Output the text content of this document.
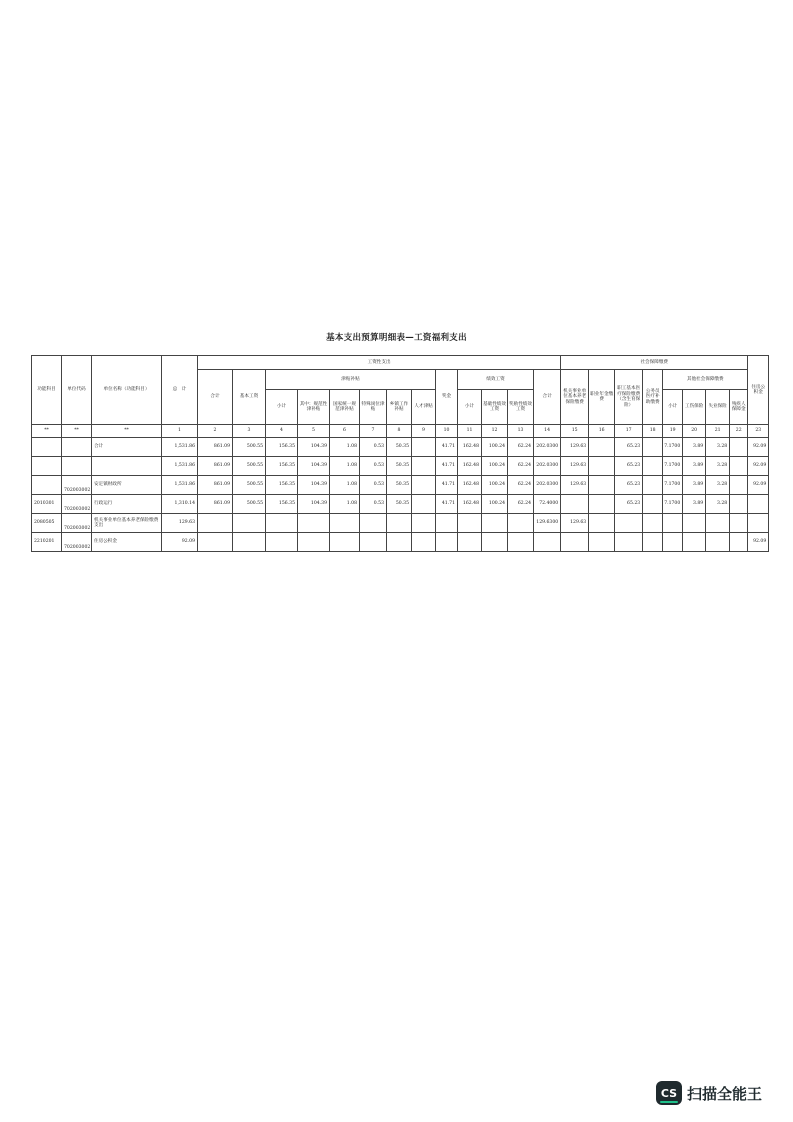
基本支出预算明细表—工资福利支出
功能科目	单位代码	单位名称（功能科目）	总　计	工资性支出													社会保障缴费								住房公积金
				合计	基本工资	津贴补贴						奖金	绩效工资			合计	机关事业单位基本养老保险缴费	职业年金缴费	职工基本医疗保险缴费（含生育保险）	公务员医疗补助缴费	其他社会保障缴费				
						小计	其中：规范性津补贴	国家统一规范津补贴	特殊岗位津贴	乡镇工作补贴	人才津贴		小计	基础性绩效工资	奖励性绩效工资						小计	工伤保险	失业保险	残疾人保障金	

**	**	**	1	2	3	4	5	6	7	8	9	10	11	12	13	14	15	16	17	18	19	20	21	22	23
		合计	1,531.86	861.09	500.55	156.35	104.39	1.08	0.53	50.35		41.71	162.48	100.24	62.24	202.0300	129.63		65.23		7.1700	3.89	3.28		92.09
			1,531.86	861.09	500.55	156.35	104.39	1.08	0.53	50.35		41.71	162.48	100.24	62.24	202.0300	129.63		65.23		7.1700	3.89	3.28		92.09
	702003002	安定镇财政所	1,531.86	861.09	500.55	156.35	104.39	1.08	0.53	50.35		41.71	162.48	100.24	62.24	202.0300	129.63		65.23		7.1700	3.89	3.28		92.09
2010301	702003002	行政运行	1,310.14	861.09	500.55	156.35	104.39	1.08	0.53	50.35		41.71	162.48	100.24	62.24	72.4000			65.23		7.1700	3.89	3.28		
2080505	702003002	机关事业单位基本养老保险缴费支出	129.63													129.6300	129.63								
2210201	702003002	住房公积金	92.09																						92.09
CS 扫描全能王
